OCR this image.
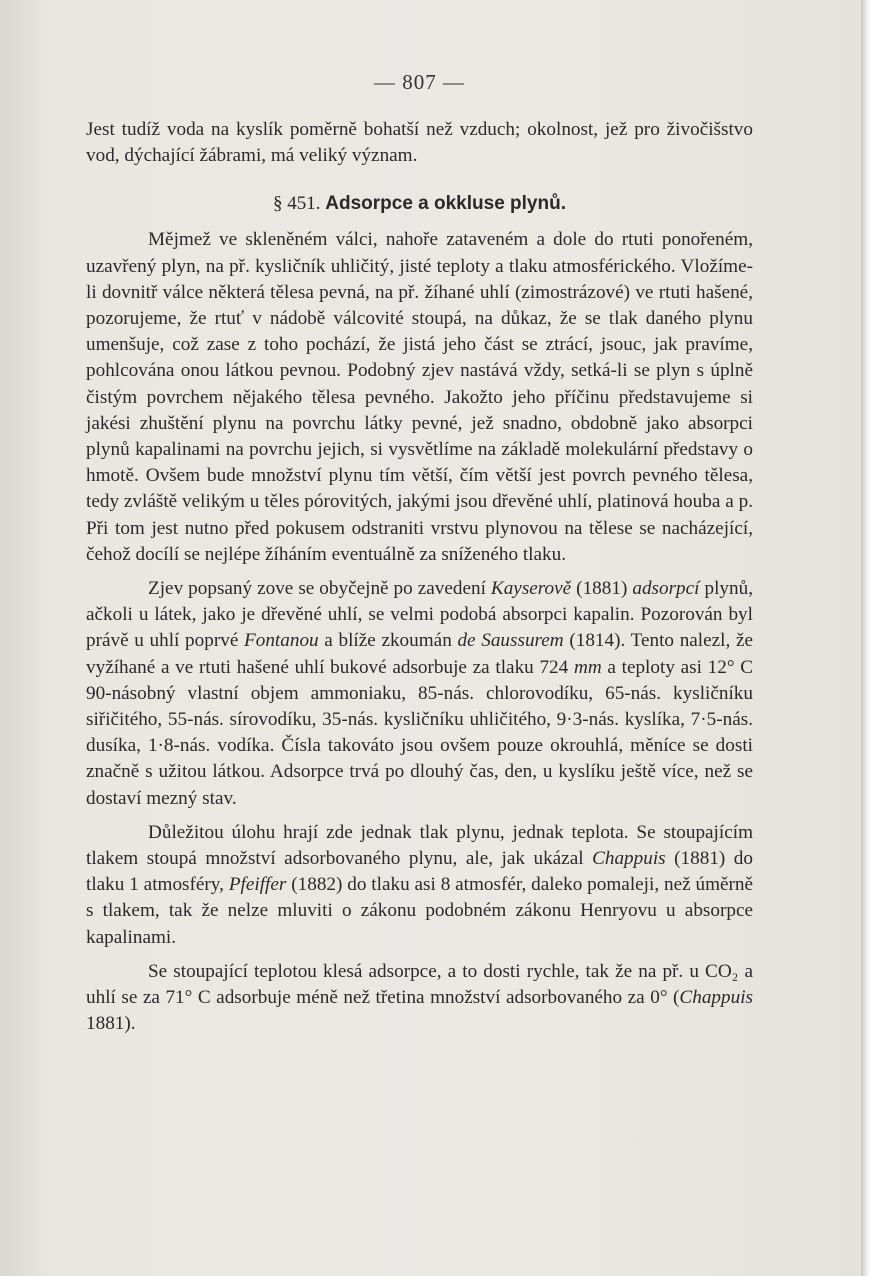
— 807 —

Jest tudíž voda na kyslík poměrně bohatší než vzduch; okolnost, jež pro živočišstvo vod, dýchající žábrami, má veliký význam.

§ 451. Adsorpce a okkluse plynů.

Mějmež ve skleněném válci, nahoře zataveném a dole do rtuti ponořeném, uzavřený plyn, na př. kysličník uhličitý, jisté teploty a tlaku atmosférického. Vložíme-li dovnitř válce některá tělesa pevná, na př. žíhané uhlí (zimostrázové) ve rtuti hašené, pozorujeme, že rtuť v nádobě válcovité stoupá, na důkaz, že se tlak daného plynu umenšuje, což zase z toho pochází, že jistá jeho část se ztrácí, jsouc, jak pravíme, pohlcována onou látkou pevnou. Podobný zjev nastává vždy, setká-li se plyn s úplně čistým povrchem nějakého tělesa pevného. Jakožto jeho příčinu představujeme si jakési zhuštění plynu na povrchu látky pevné, jež snadno, obdobně jako absorpci plynů kapalinami na povrchu jejich, si vysvětlíme na základě molekulární představy o hmotě. Ovšem bude množství plynu tím větší, čím větší jest povrch pevného tělesa, tedy zvláště velikým u těles pórovitých, jakými jsou dřevěné uhlí, platinová houba a p. Při tom jest nutno před pokusem odstraniti vrstvu plynovou na tělese se nacházející, čehož docílí se nejlépe žíháním eventuálně za sníženého tlaku.

Zjev popsaný zove se obyčejně po zavedení Kayserově (1881) adsorpcí plynů, ačkoli u látek, jako je dřevěné uhlí, se velmi podobá absorpci kapalin. Pozorován byl právě u uhlí poprvé Fontanou a blíže zkoumán de Saussurem (1814). Tento nalezl, že vyžíhané a ve rtuti hašené uhlí bukové adsorbuje za tlaku 724 mm a teploty asi 12° C 90-násobný vlastní objem ammoniaku, 85-nás. chlorovodíku, 65-nás. kysličníku siřičitého, 55-nás. sírovodíku, 35-nás. kysličníku uhličitého, 9·3-nás. kyslíka, 7·5-nás. dusíka, 1·8-nás. vodíka. Čísla takováto jsou ovšem pouze okrouhlá, měníce se dosti značně s užitou látkou. Adsorpce trvá po dlouhý čas, den, u kyslíku ještě více, než se dostaví mezný stav.

Důležitou úlohu hrají zde jednak tlak plynu, jednak teplota. Se stoupajícím tlakem stoupá množství adsorbovaného plynu, ale, jak ukázal Chappuis (1881) do tlaku 1 atmosféry, Pfeiffer (1882) do tlaku asi 8 atmosfér, daleko pomaleji, než úměrně s tlakem, tak že nelze mluviti o zákonu podobném zákonu Henryovu u absorpce kapalinami.

Se stoupající teplotou klesá adsorpce, a to dosti rychle, tak že na př. u CO₂ a uhlí se za 71° C adsorbuje méně než třetina množství adsorbovaného za 0° (Chappuis 1881).
